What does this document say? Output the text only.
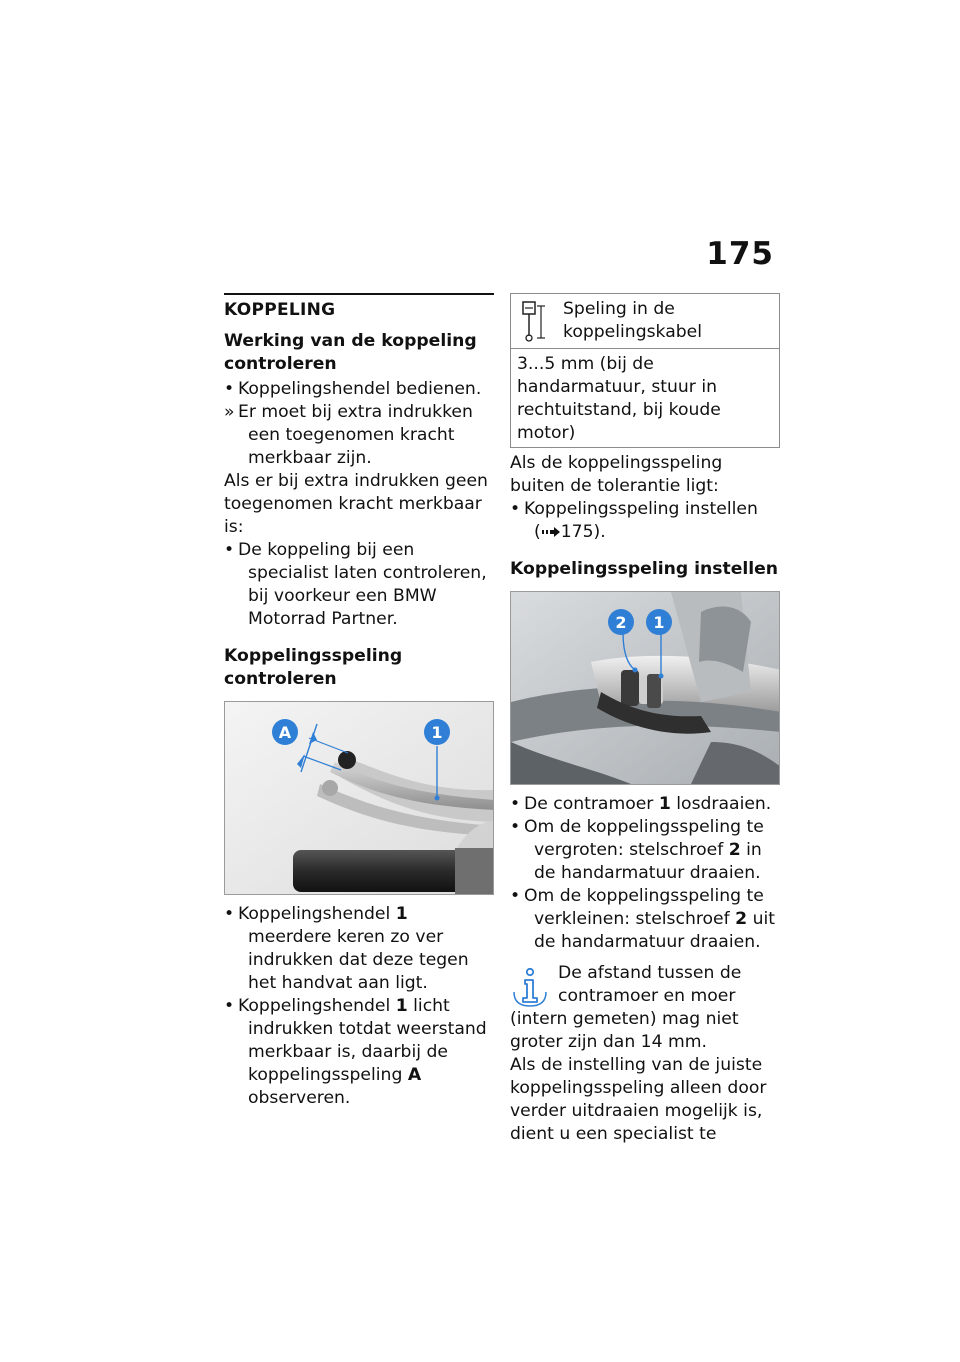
175
KOPPELING
Werking van de koppeling controleren
• Koppelingshendel bedienen.
» Er moet bij extra indrukken een toegenomen kracht merkbaar zijn.

Als er bij extra indrukken geen toegenomen kracht merkbaar is:

• De koppeling bij een specialist laten controleren, bij voorkeur een BMW Motorrad Partner.
Koppelingsspeling controleren
A	1
• Koppelingshendel 1 meerdere keren zo ver indrukken dat deze tegen het handvat aan ligt.
• Koppelingshendel 1 licht indrukken totdat weerstand merkbaar is, daarbij de koppelingsspeling A observeren.
Speling in de koppelingskabel
3...5 mm (bij de handarmatuur, stuur in rechtuitstand, bij koude motor)

Als de koppelingsspeling buiten de tolerantie ligt:

• Koppelingsspeling instellen
( 175).
Koppelingsspeling instellen
2 1
• De contramoer 1 losdraaien.
• Om de koppelingsspeling te vergroten: stelschroef 2 in de handarmatuur draaien.
• Om de koppelingsspeling te verkleinen: stelschroef 2 uit de handarmatuur draaien.
De afstand tussen de contramoer en moer (intern gemeten) mag niet groter zijn dan 14 mm.

Als de instelling van de juiste koppelingsspeling alleen door verder uitdraaien mogelijk is, dient u een specialist te
